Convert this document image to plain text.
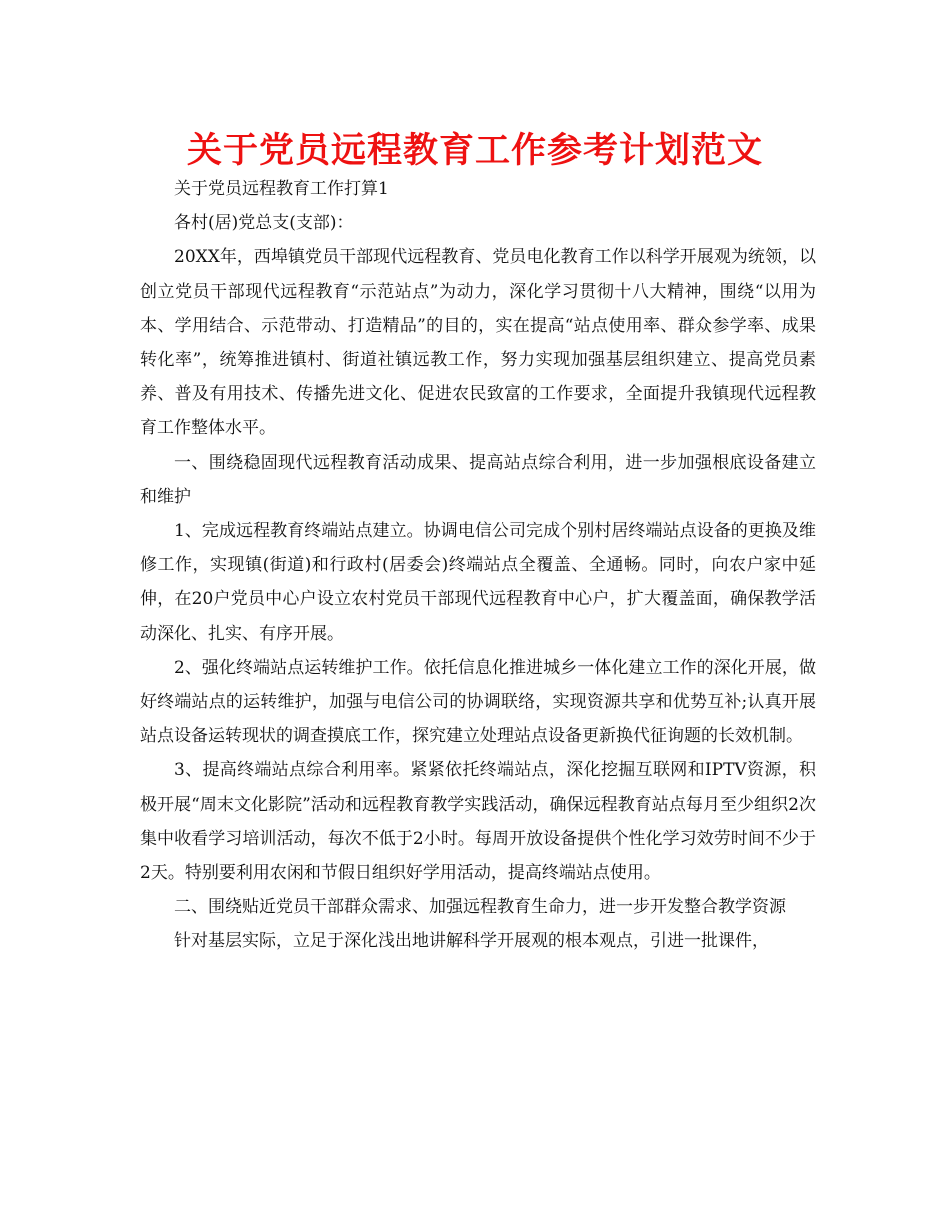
关于党员远程教育工作参考计划范文

关于党员远程教育工作打算1

各村(居)党总支(支部)：

20XX年，西埠镇党员干部现代远程教育、党员电化教育工作以科学开展观为统领，以创立党员干部现代远程教育“示范站点”为动力，深化学习贯彻十八大精神，围绕“以用为本、学用结合、示范带动、打造精品”的目的，实在提高“站点使用率、群众参学率、成果转化率”，统筹推进镇村、街道社镇远教工作，努力实现加强基层组织建立、提高党员素养、普及有用技术、传播先进文化、促进农民致富的工作要求，全面提升我镇现代远程教育工作整体水平。

一、围绕稳固现代远程教育活动成果、提高站点综合利用，进一步加强根底设备建立和维护

1、完成远程教育终端站点建立。协调电信公司完成个别村居终端站点设备的更换及维修工作，实现镇(街道)和行政村(居委会)终端站点全覆盖、全通畅。同时，向农户家中延伸，在20户党员中心户设立农村党员干部现代远程教育中心户，扩大覆盖面，确保教学活动深化、扎实、有序开展。

2、强化终端站点运转维护工作。依托信息化推进城乡一体化建立工作的深化开展，做好终端站点的运转维护，加强与电信公司的协调联络，实现资源共享和优势互补;认真开展站点设备运转现状的调查摸底工作，探究建立处理站点设备更新换代征询题的长效机制。

3、提高终端站点综合利用率。紧紧依托终端站点，深化挖掘互联网和IPTV资源，积极开展“周末文化影院”活动和远程教育教学实践活动，确保远程教育站点每月至少组织2次集中收看学习培训活动，每次不低于2小时。每周开放设备提供个性化学习效劳时间不少于2天。特别要利用农闲和节假日组织好学用活动，提高终端站点使用。

二、围绕贴近党员干部群众需求、加强远程教育生命力，进一步开发整合教学资源

针对基层实际，立足于深化浅出地讲解科学开展观的根本观点，引进一批课件，
